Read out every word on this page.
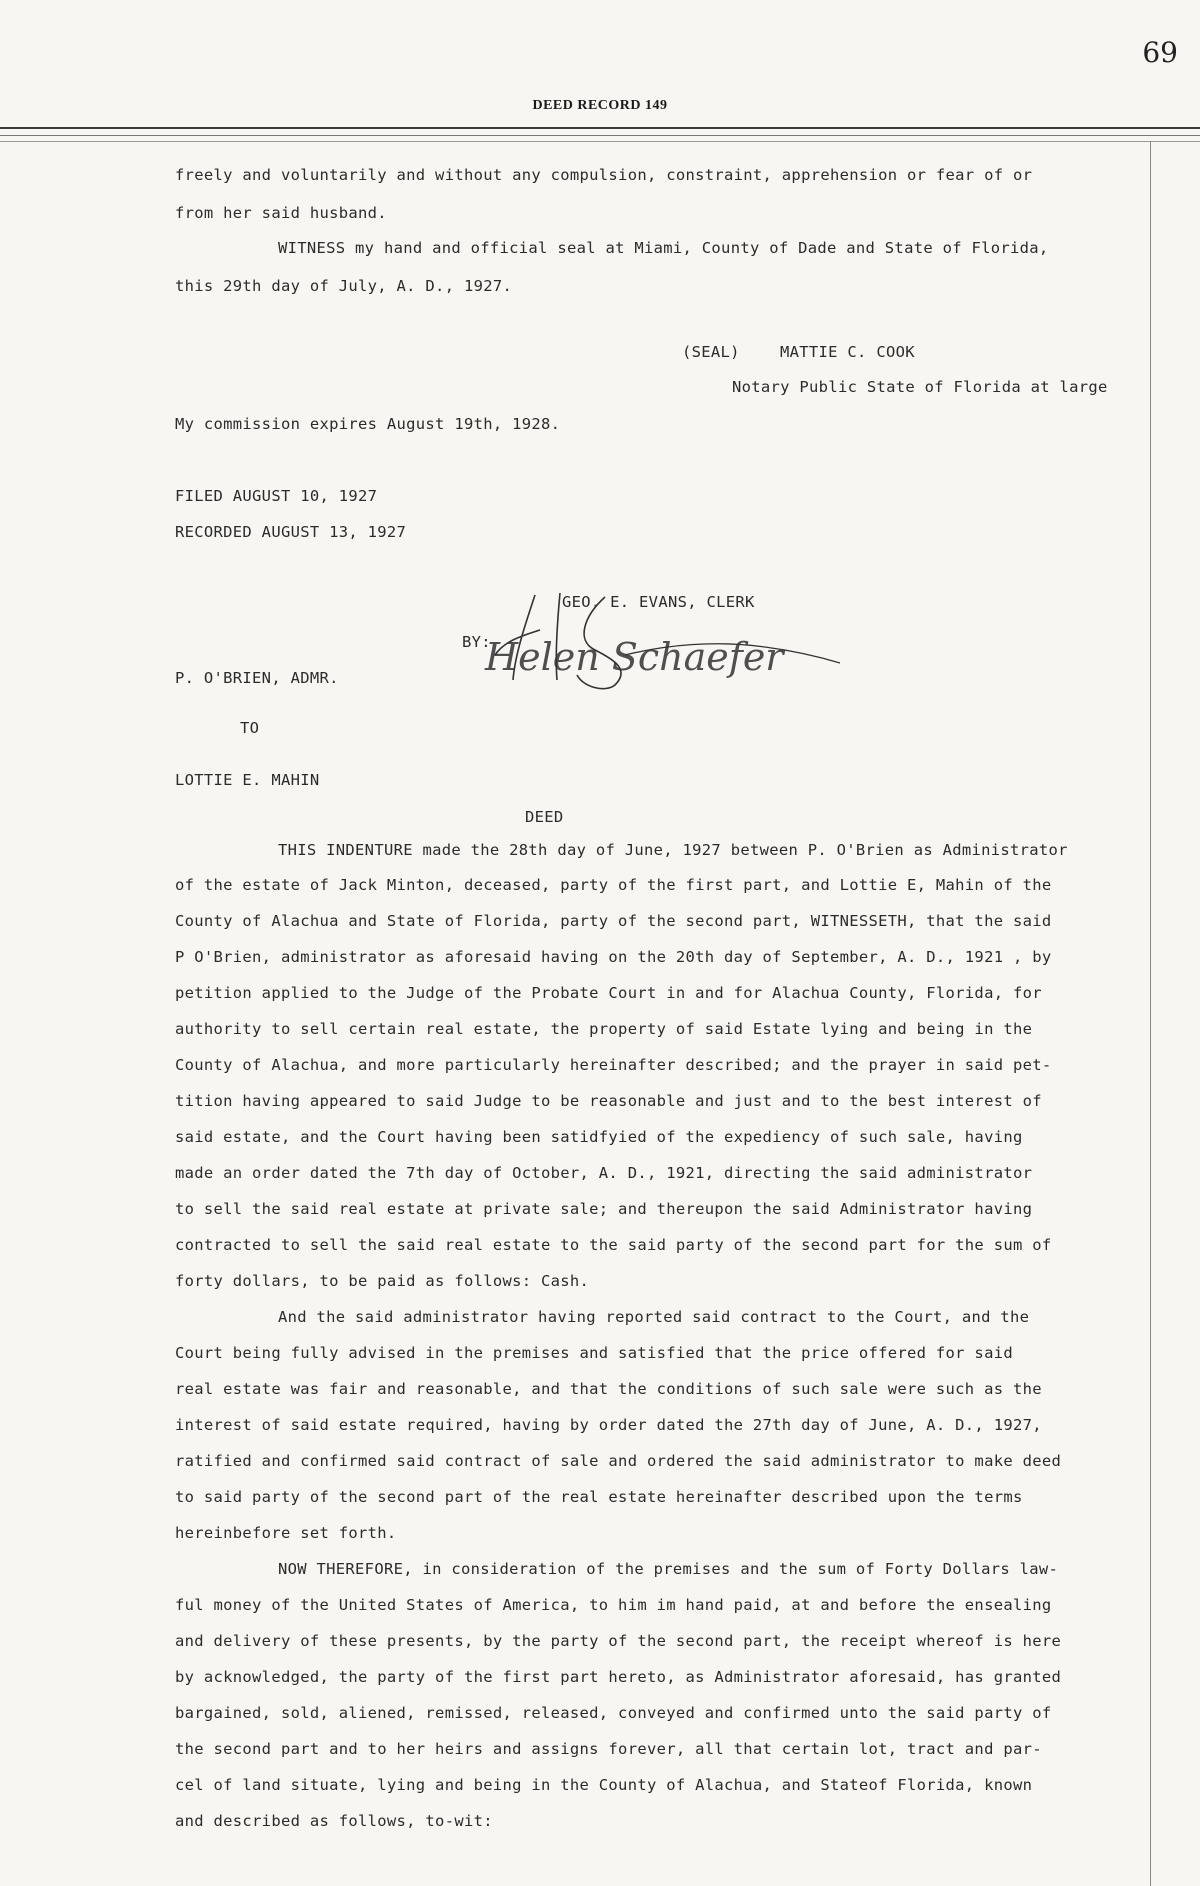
69
DEED RECORD 149
freely and voluntarily and without any compulsion, constraint, apprehension or fear of or
from her said husband.
WITNESS my hand and official seal at Miami, County of Dade and State of Florida,
this 29th day of July, A. D., 1927.
(SEAL)	MATTIE C. COOK
Notary Public State of Florida at large
My commission expires August 19th, 1928.
FILED AUGUST 10, 1927
RECORDED AUGUST 13, 1927
GEO. E. EVANS, CLERK
BY:
Helen Schaefer
P. O'BRIEN, ADMR.
TO
LOTTIE E. MAHIN
DEED
THIS INDENTURE made the 28th day of June, 1927 between P. O'Brien as Administrator
of the estate of Jack Minton, deceased, party of the first part, and Lottie E, Mahin of the
County of Alachua and State of Florida, party of the second part, WITNESSETH, that the said
P O'Brien, administrator as aforesaid having on the 20th day of September, A. D., 1921 , by
petition applied to the Judge of the Probate Court in and for Alachua County, Florida, for
authority to sell certain real estate, the property of said Estate lying and being in the
County of Alachua, and more particularly hereinafter described; and the prayer in said pet-
tition having appeared to said Judge to be reasonable and just and to the best interest of
said estate, and the Court having been satidfyied of the expediency of such sale, having
made an order dated the 7th day of October, A. D., 1921, directing the said administrator
to sell the said real estate at private sale; and thereupon the said Administrator having
contracted to sell the said real estate to the said party of the second part for the sum of
forty dollars, to be paid as follows: Cash.
And the said administrator having reported said contract to the Court, and the
Court being fully advised in the premises and satisfied that the price offered for said
real estate was fair and reasonable, and that the conditions of such sale were such as the
interest of said estate required, having by order dated the 27th day of June, A. D., 1927,
ratified and confirmed said contract of sale and ordered the said administrator to make deed
to said party of the second part of the real estate hereinafter described upon the terms
hereinbefore set forth.
NOW THEREFORE, in consideration of the premises and the sum of Forty Dollars law-
ful money of the United States of America, to him im hand paid, at and before the ensealing
and delivery of these presents, by the party of the second part, the receipt whereof is here
by acknowledged, the party of the first part hereto, as Administrator aforesaid, has granted
bargained, sold, aliened, remissed, released, conveyed and confirmed unto the said party of
the second part and to her heirs and assigns forever, all that certain lot, tract and par-
cel of land situate, lying and being in the County of Alachua, and Stateof Florida, known
and described as follows, to-wit:
